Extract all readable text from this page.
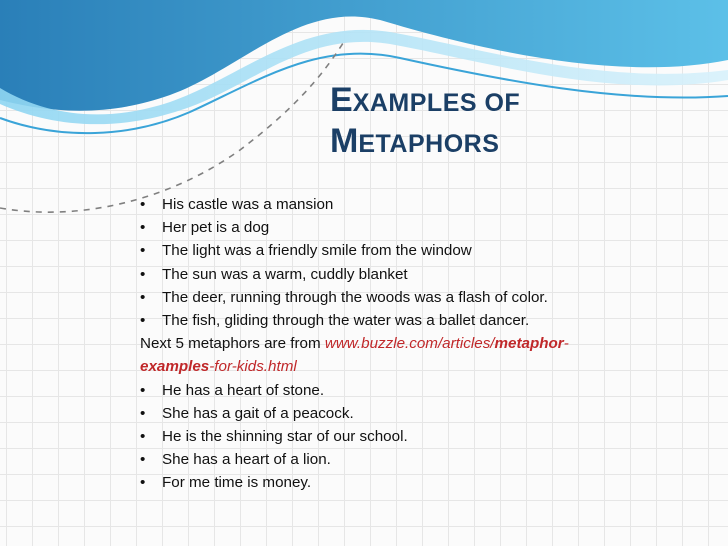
EXAMPLES OF
METAPHORS
• His castle was a mansion
• Her pet is a dog
• The light was a friendly smile from the window
• The sun was a warm, cuddly blanket
• The deer, running through the woods was a flash of color.
• The fish, gliding through the water was a ballet dancer.

Next 5 metaphors are from www.buzzle.com/articles/metaphor-
examples-for-kids.html

• He has a heart of stone.
• She has a gait of a peacock.
• He is the shinning star of our school.
• She has a heart of a lion.
• For me time is money.
